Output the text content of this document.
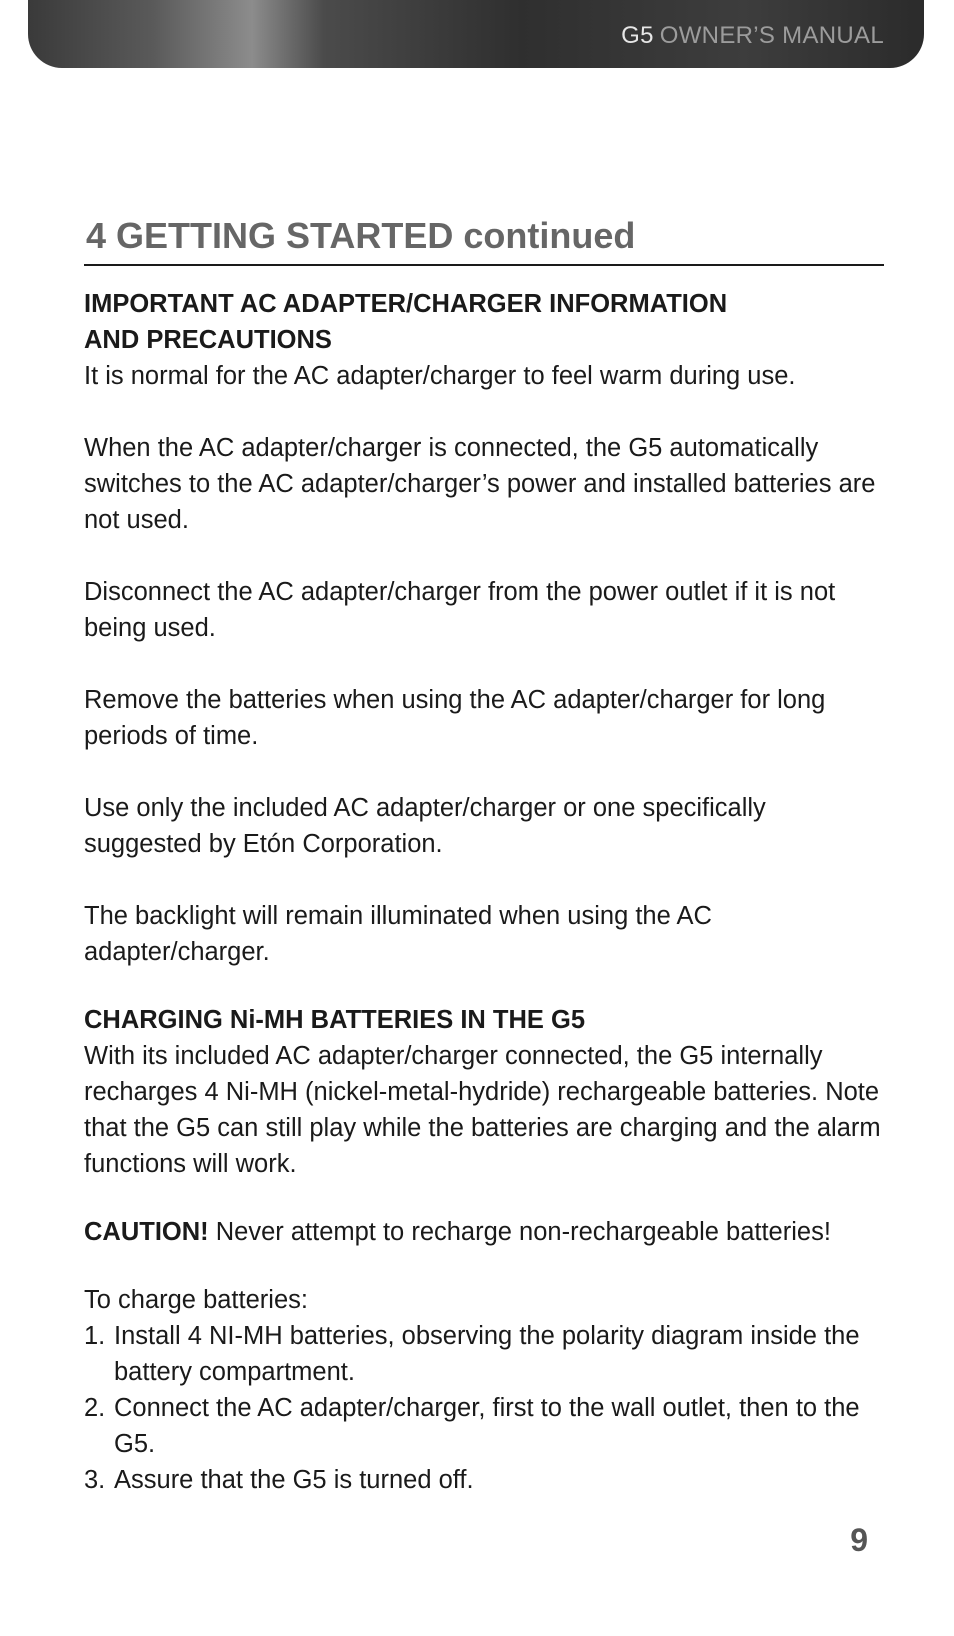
G5 OWNER’S MANUAL
4 GETTING STARTED continued
IMPORTANT AC ADAPTER/CHARGER INFORMATION
AND PRECAUTIONS

It is normal for the AC adapter/charger to feel warm during use.

When the AC adapter/charger is connected, the G5 automatically switches to the AC adapter/charger’s power and installed batteries are not used.

Disconnect the AC adapter/charger from the power outlet if it is not being used.

Remove the batteries when using the AC adapter/charger for long periods of time.

Use only the included AC adapter/charger or one specifically suggested by Etón Corporation.

The backlight will remain illuminated when using the AC adapter/charger.

CHARGING Ni-MH BATTERIES IN THE G5

With its included AC adapter/charger connected, the G5 internally recharges 4 Ni-MH (nickel-metal-hydride) rechargeable batteries. Note that the G5 can still play while the batteries are charging and the alarm functions will work.

CAUTION! Never attempt to recharge non-rechargeable batteries!

To charge batteries:

1. Install 4 NI-MH batteries, observing the polarity diagram inside the battery compartment.
2. Connect the AC adapter/charger, first to the wall outlet, then to the G5.
3. Assure that the G5 is turned off.
9
